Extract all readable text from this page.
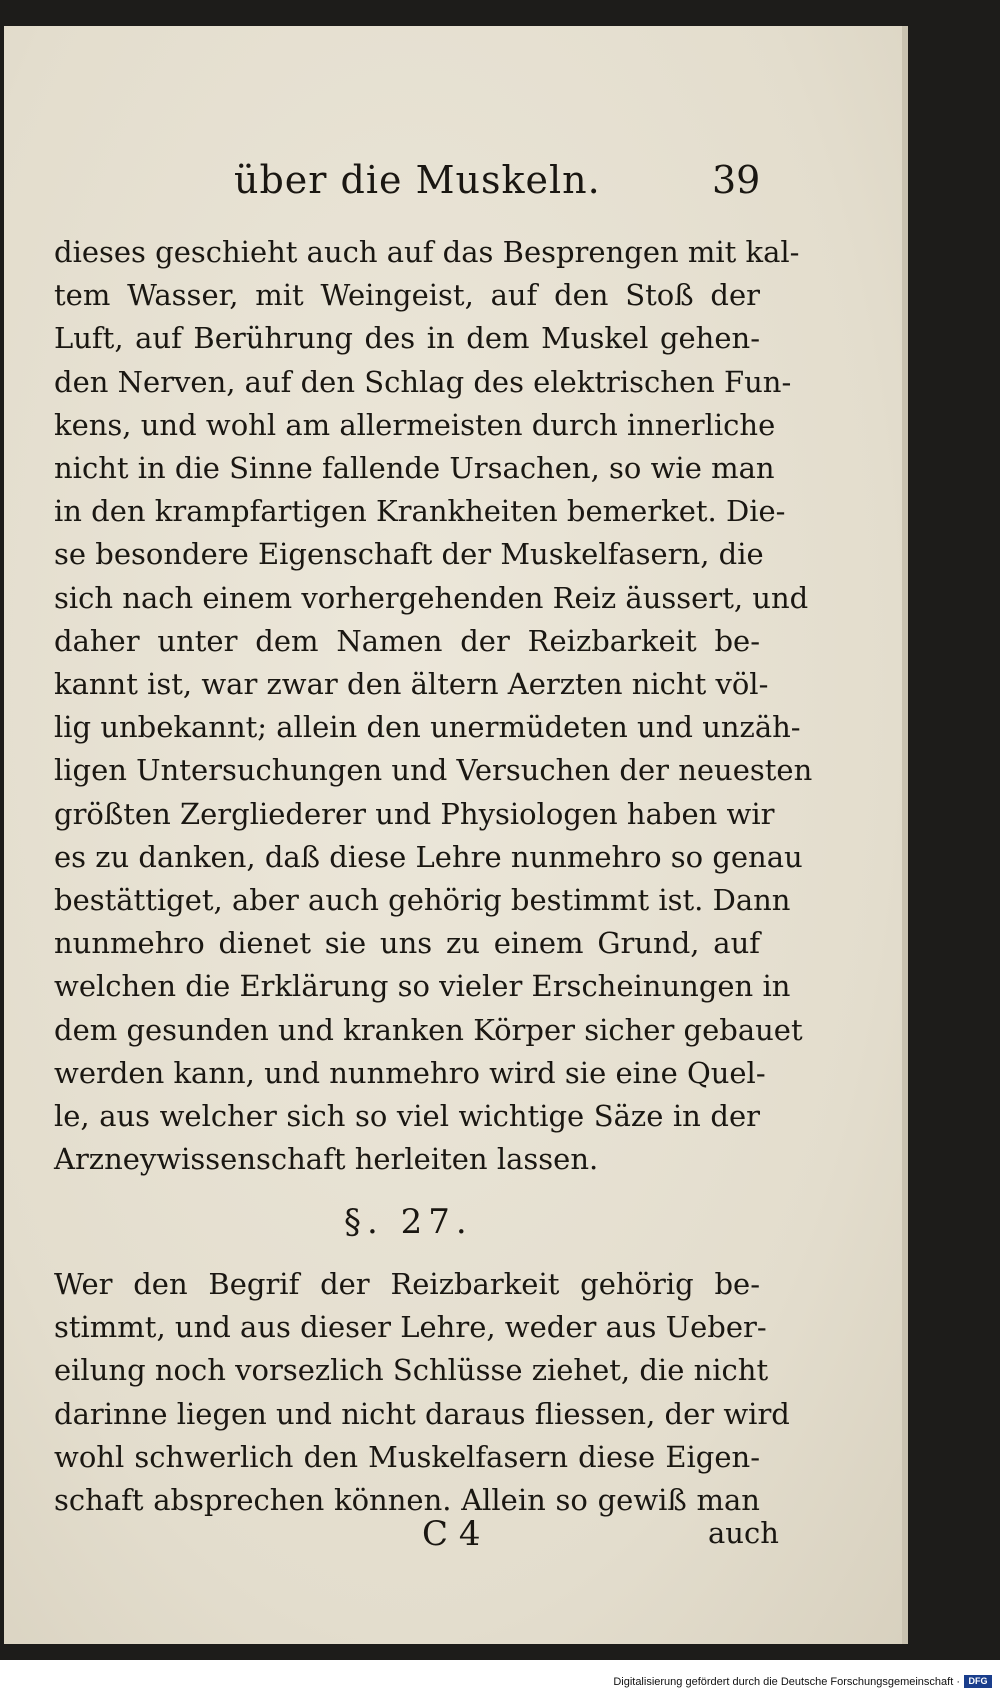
über die Muskeln.	39
dieses geschieht auch auf das Besprengen mit kal-
tem Wasser, mit Weingeist, auf den Stoß der
Luft, auf Berührung des in dem Muskel gehen-
den Nerven, auf den Schlag des elektrischen Fun-
kens, und wohl am allermeisten durch innerliche
nicht in die Sinne fallende Ursachen, so wie man
in den krampfartigen Krankheiten bemerket. Die-
se besondere Eigenschaft der Muskelfasern, die
sich nach einem vorhergehenden Reiz äussert, und
daher unter dem Namen der Reizbarkeit be-
kannt ist, war zwar den ältern Aerzten nicht völ-
lig unbekannt; allein den unermüdeten und unzäh-
ligen Untersuchungen und Versuchen der neuesten
größten Zergliederer und Physiologen haben wir
es zu danken, daß diese Lehre nunmehro so genau
bestättiget, aber auch gehörig bestimmt ist. Dann
nunmehro dienet sie uns zu einem Grund, auf
welchen die Erklärung so vieler Erscheinungen in
dem gesunden und kranken Körper sicher gebauet
werden kann, und nunmehro wird sie eine Quel-
le, aus welcher sich so viel wichtige Säze in der
Arzneywissenschaft herleiten lassen.
§. 27.
Wer den Begrif der Reizbarkeit gehörig be-
stimmt, und aus dieser Lehre, weder aus Ueber-
eilung noch vorsezlich Schlüsse ziehet, die nicht
darinne liegen und nicht daraus fliessen, der wird
wohl schwerlich den Muskelfasern diese Eigen-
schaft absprechen können. Allein so gewiß man
C 4	auch
Digitalisierung gefördert durch die Deutsche Forschungsgemeinschaft · DFG
